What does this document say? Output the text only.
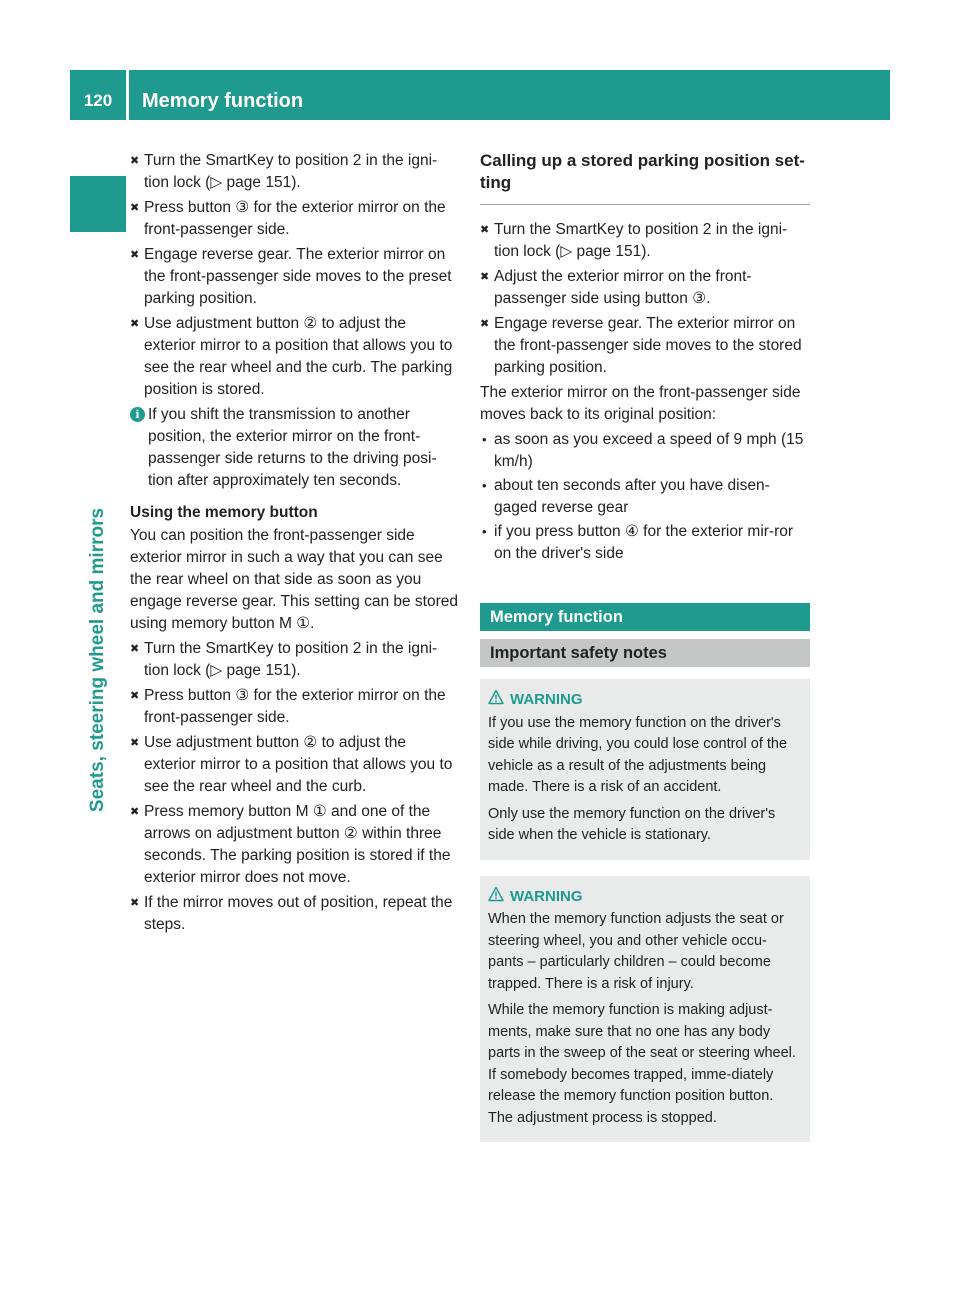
120	Memory function
Seats, steering wheel and mirrors
✖ Turn the SmartKey to position 2 in the igni-tion lock (▷ page 151).
✖ Press button ③ for the exterior mirror on the front-passenger side.
✖ Engage reverse gear. The exterior mirror on the front-passenger side moves to the preset parking position.
✖ Use adjustment button ② to adjust the exterior mirror to a position that allows you to see the rear wheel and the curb. The parking position is stored.
i If you shift the transmission to another position, the exterior mirror on the front-passenger side returns to the driving posi-tion after approximately ten seconds.

Using the memory button

You can position the front-passenger side exterior mirror in such a way that you can see the rear wheel on that side as soon as you engage reverse gear. This setting can be stored using memory button M ①.

✖ Turn the SmartKey to position 2 in the igni-tion lock (▷ page 151).
✖ Press button ③ for the exterior mirror on the front-passenger side.
✖ Use adjustment button ② to adjust the exterior mirror to a position that allows you to see the rear wheel and the curb.
✖ Press memory button M ① and one of the arrows on adjustment button ② within three seconds. The parking position is stored if the exterior mirror does not move.
✖ If the mirror moves out of position, repeat the steps.
Calling up a stored parking position set-ting
✖ Turn the SmartKey to position 2 in the igni-tion lock (▷ page 151).
✖ Adjust the exterior mirror on the front-passenger side using button ③.
✖ Engage reverse gear. The exterior mirror on the front-passenger side moves to the stored parking position.

The exterior mirror on the front-passenger side moves back to its original position:

• as soon as you exceed a speed of 9 mph (15 km/h)
• about ten seconds after you have disen-gaged reverse gear
• if you press button ④ for the exterior mir-ror on the driver's side
Memory function
Important safety notes
WARNING

If you use the memory function on the driver's side while driving, you could lose control of the vehicle as a result of the adjustments being made. There is a risk of an accident.

Only use the memory function on the driver's side when the vehicle is stationary.

WARNING

When the memory function adjusts the seat or steering wheel, you and other vehicle occu-pants – particularly children – could become trapped. There is a risk of injury.

While the memory function is making adjust-ments, make sure that no one has any body parts in the sweep of the seat or steering wheel. If somebody becomes trapped, imme-diately release the memory function position button. The adjustment process is stopped.
